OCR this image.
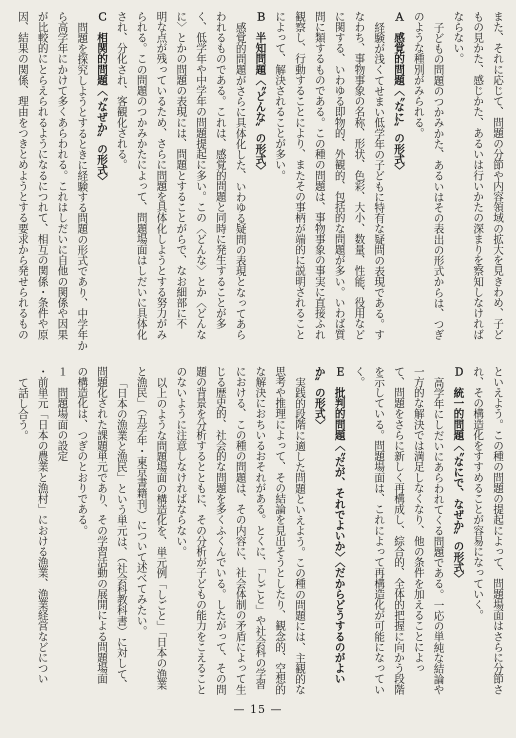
また、それに応じて、問題の分節や内容領域の拡大を見きわめ、子ど
もの見かた、感じかた、あるいは行いかたの深まりを察知しなければ
ならない。
子どもの問題のつかみかた、あるいはその表出の形式からは、つぎ
のような種別がみられる。
Ａ　感覚的問題〈〝なに〟の形式〉
経験が浅くてせまい低学年の子どもに特有な疑問の表現である。す
なわち、事物事象の名称、形状、色彩、大小、数量、性能、役用など
に関する、いわゆる即物的、外観的、包括的な問題が多い。いわば質
問に類するものである。この種の問題は、事物事象の事実に直接ふれ
観察し、行動することにより、またその事柄が端的に説明されること
によって、解決されることが多い。
Ｂ　半知問題〈〝どんな〟の形式〉
感覚的問題がさらに具体化した、いわゆる疑問の表現となってあら
われるものである。これは、感覚的問題と同時に発生することが多
く、低学年や中学年の問題提起に多い。この〈どんな〉とか〈どんな
に〉とかの問題の表現には、問題とすることがらで、なお細部に不
明な点が残っているため、さらに問題を具体化しようとする努力がみ
られる。この問題のつかみかたによって、問題場面はしだいに具体化
され、分化され、客観化される。
Ｃ　相関的問題〈〝なぜか〟の形式〉
問題を探究しようとするときに経験する問題の形式であり、中学年か
ら高学年にかけて多くあらわれる。これはしだいに自他の関係や因果
が比較的にとらえられるようになるにつれて、相互の関係・条件や原
因、結果の関係、理由をつきとめようとする要求から発せられるもの
といえよう。この種の問題の提起によって、問題場面はさらに分節さ
れ、その構造化をすすめることが容易になっていく。
Ｄ　統一的問題〈〝なにで、なぜか〟の形式〉
高学年にしだいにあらわれてくる問題である。一応の単純な結論や
一方的な解決では満足しなくなり、他の条件を加えることによっ
て、問題をさらに新しく再構成し、綜合的、全体的把握に向かう段階
を示している。問題場面は、これによって再構造化が可能になってい
く。
Ｅ　批判的問題〈〝だが、それでよいか〉〈だからどうするのがよい
か〟の形式〉
実践的段階に適した問題といえよう。この種の問題には、主観的な
思考や推理によって、その結論を見出そうとしたり、観念的、空想的
な解決におちいるおそれがある。とくに、「しごと」や社会科の学習
における、この種の問題は、その内容に、社会体制の矛盾によって生
じる歴史的、社会的な問題を多くふくんでいる。したがって、その問
題の背景を分析するとともに、その分析が子どもの能力をこえること
のないように注意しなければならない。
以上のような問題場面の構造化を、単元例「しごと」「日本の漁業
と漁民」（五学年・東京書籍刊）について述べてみたい。
「日本の漁業と漁民」という単元は、（社会科教科書）に対して、
問題化された課題単元であり、その学習活動の展開による問題場面
の構造化は、つぎのとおりである。
１　問題場面の設定
・前単元「日本の農業と漁村」における漁業、漁業経営などについ
て話し合う。
— 15 —
